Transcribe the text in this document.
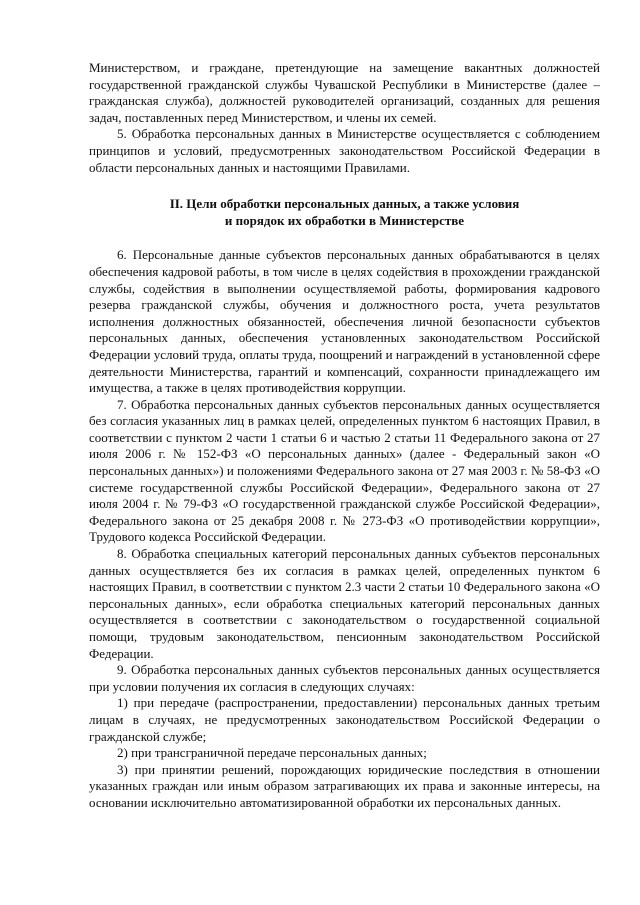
Министерством, и граждане, претендующие на замещение вакантных должностей государственной гражданской службы Чувашской Республики в Министерстве (далее – гражданская служба), должностей руководителей организаций, созданных для решения задач, поставленных перед Министерством, и члены их семей.

5. Обработка персональных данных в Министерстве осуществляется с соблюдением принципов и условий, предусмотренных законодательством Российской Федерации в области персональных данных и настоящими Правилами.

II. Цели обработки персональных данных, а также условия
и порядок их обработки в Министерстве

6. Персональные данные субъектов персональных данных обрабатываются в целях обеспечения кадровой работы, в том числе в целях содействия в прохождении гражданской службы, содействия в выполнении осуществляемой работы, формирования кадрового резерва гражданской службы, обучения и должностного роста, учета результатов исполнения должностных обязанностей, обеспечения личной безопасности субъектов персональных данных, обеспечения установленных законодательством Российской Федерации условий труда, оплаты труда, поощрений и награждений в установленной сфере деятельности Министерства, гарантий и компенсаций, сохранности принадлежащего им имущества, а также в целях противодействия коррупции.

7. Обработка персональных данных субъектов персональных данных осуществляется без согласия указанных лиц в рамках целей, определенных пунктом 6 настоящих Правил, в соответствии с пунктом 2 части 1 статьи 6 и частью 2 статьи 11 Федерального закона от 27 июля 2006 г. № 152-ФЗ «О персональных данных» (далее - Федеральный закон «О персональных данных») и положениями Федерального закона от 27 мая 2003 г. № 58-ФЗ «О системе государственной службы Российской Федерации», Федерального закона от 27 июля 2004 г. № 79-ФЗ «О государственной гражданской службе Российской Федерации», Федерального закона от 25 декабря 2008 г. № 273-ФЗ «О противодействии коррупции», Трудового кодекса Российской Федерации.

8. Обработка специальных категорий персональных данных субъектов персональных данных осуществляется без их согласия в рамках целей, определенных пунктом 6 настоящих Правил, в соответствии с пунктом 2.3 части 2 статьи 10 Федерального закона «О персональных данных», если обработка специальных категорий персональных данных осуществляется в соответствии с законодательством о государственной социальной помощи, трудовым законодательством, пенсионным законодательством Российской Федерации.

9. Обработка персональных данных субъектов персональных данных осуществляется при условии получения их согласия в следующих случаях:

1) при передаче (распространении, предоставлении) персональных данных третьим лицам в случаях, не предусмотренных законодательством Российской Федерации о гражданской службе;

2) при трансграничной передаче персональных данных;

3) при принятии решений, порождающих юридические последствия в отношении указанных граждан или иным образом затрагивающих их права и законные интересы, на основании исключительно автоматизированной обработки их персональных данных.
